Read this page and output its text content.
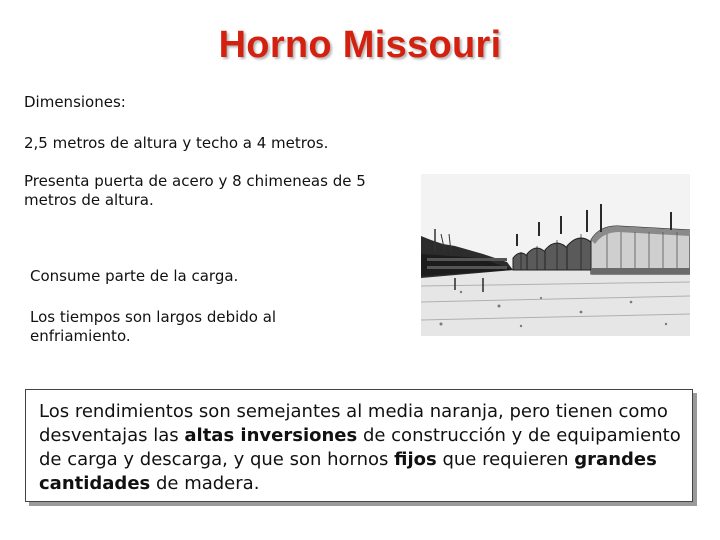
Horno Missouri
Dimensiones:
2,5 metros de altura y techo a 4 metros.
Presenta puerta de acero y 8 chimeneas de 5 metros de altura.
Consume parte de la carga.
Los tiempos son largos debido al enfriamiento.
Los rendimientos son semejantes al media naranja, pero tienen como desventajas las altas inversiones de construcción y de equipamiento de carga y descarga, y que son hornos fijos que requieren grandes cantidades de madera.
